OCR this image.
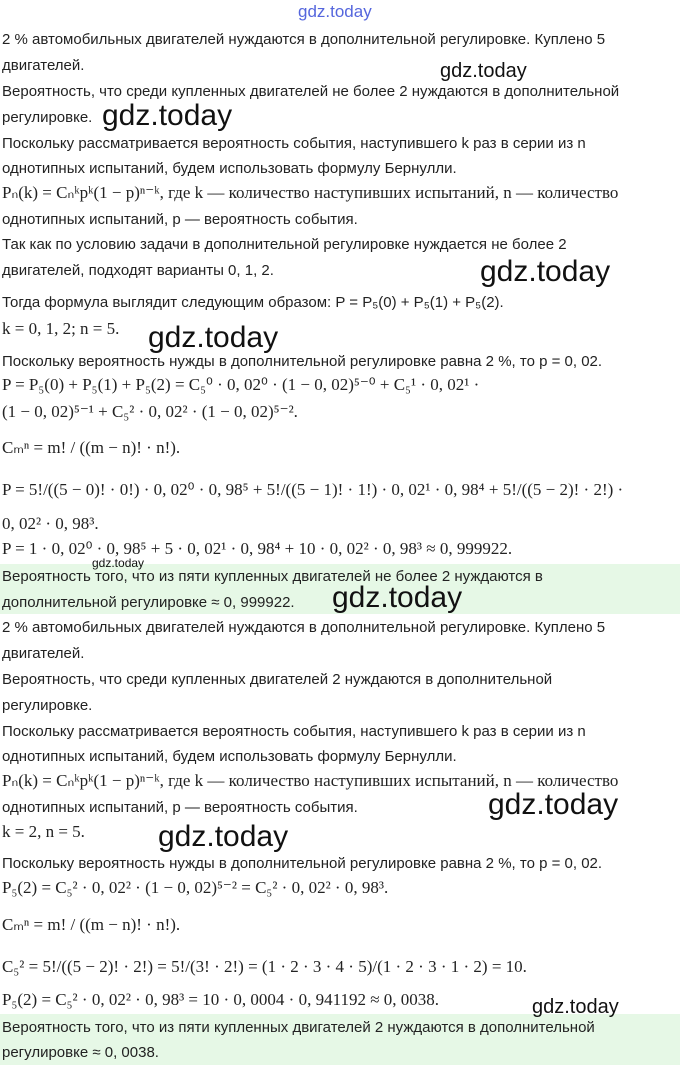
2 % автомобильных двигателей нуждаются в дополнительной регулировке. Куплено 5
двигателей.
Вероятность, что среди купленных двигателей не более 2 нуждаются в дополнительной
регулировке.
Поскольку рассматривается вероятность события, наступившего k раз в серии из n
однотипных испытаний, будем использовать формулу Бернулли.
Pₙ(k) = Cₙᵏpᵏ(1 − p)ⁿ⁻ᵏ, где k — количество наступивших испытаний, n — количество
однотипных испытаний, p — вероятность события.
Так как по условию задачи в дополнительной регулировке нуждается не более 2
двигателей, подходят варианты 0, 1, 2.
Тогда формула выглядит следующим образом: P = P₅(0) + P₅(1) + P₅(2).
k = 0, 1, 2; n = 5.
Поскольку вероятность нужды в дополнительной регулировке равна 2 %, то p = 0, 02.
P = P₅(0) + P₅(1) + P₅(2) = C₅⁰ · 0, 02⁰ · (1 − 0, 02)⁵⁻⁰ + C₅¹ · 0, 02¹ ·
(1 − 0, 02)⁵⁻¹ + C₅² · 0, 02² · (1 − 0, 02)⁵⁻².
Cₘⁿ = m! / ((m − n)! · n!).
P = 5!/((5 − 0)! · 0!) · 0, 02⁰ · 0, 98⁵ + 5!/((5 − 1)! · 1!) · 0, 02¹ · 0, 98⁴ + 5!/((5 − 2)! · 2!) ·
0, 02² · 0, 98³.
P = 1 · 0, 02⁰ · 0, 98⁵ + 5 · 0, 02¹ · 0, 98⁴ + 10 · 0, 02² · 0, 98³ ≈ 0, 999922.
Вероятность того, что из пяти купленных двигателей не более 2 нуждаются в
дополнительной регулировке ≈ 0, 999922.
2 % автомобильных двигателей нуждаются в дополнительной регулировке. Куплено 5
двигателей.
Вероятность, что среди купленных двигателей 2 нуждаются в дополнительной
регулировке.
Поскольку рассматривается вероятность события, наступившего k раз в серии из n
однотипных испытаний, будем использовать формулу Бернулли.
Pₙ(k) = Cₙᵏpᵏ(1 − p)ⁿ⁻ᵏ, где k — количество наступивших испытаний, n — количество
однотипных испытаний, p — вероятность события.
k = 2, n = 5.
Поскольку вероятность нужды в дополнительной регулировке равна 2 %, то p = 0, 02.
P₅(2) = C₅² · 0, 02² · (1 − 0, 02)⁵⁻² = C₅² · 0, 02² · 0, 98³.
Cₘⁿ = m! / ((m − n)! · n!).
C₅² = 5!/((5 − 2)! · 2!) = 5!/(3! · 2!) = (1 · 2 · 3 · 4 · 5)/(1 · 2 · 3 · 1 · 2) = 10.
P₅(2) = C₅² · 0, 02² · 0, 98³ = 10 · 0, 0004 · 0, 941192 ≈ 0, 0038.
Вероятность того, что из пяти купленных двигателей 2 нуждаются в дополнительной
регулировке ≈ 0, 0038.
gdz.today
gdz.today
gdz.today
gdz.today
gdz.today
gdz.today
gdz.today
gdz.today
gdz.today
gdz.today
